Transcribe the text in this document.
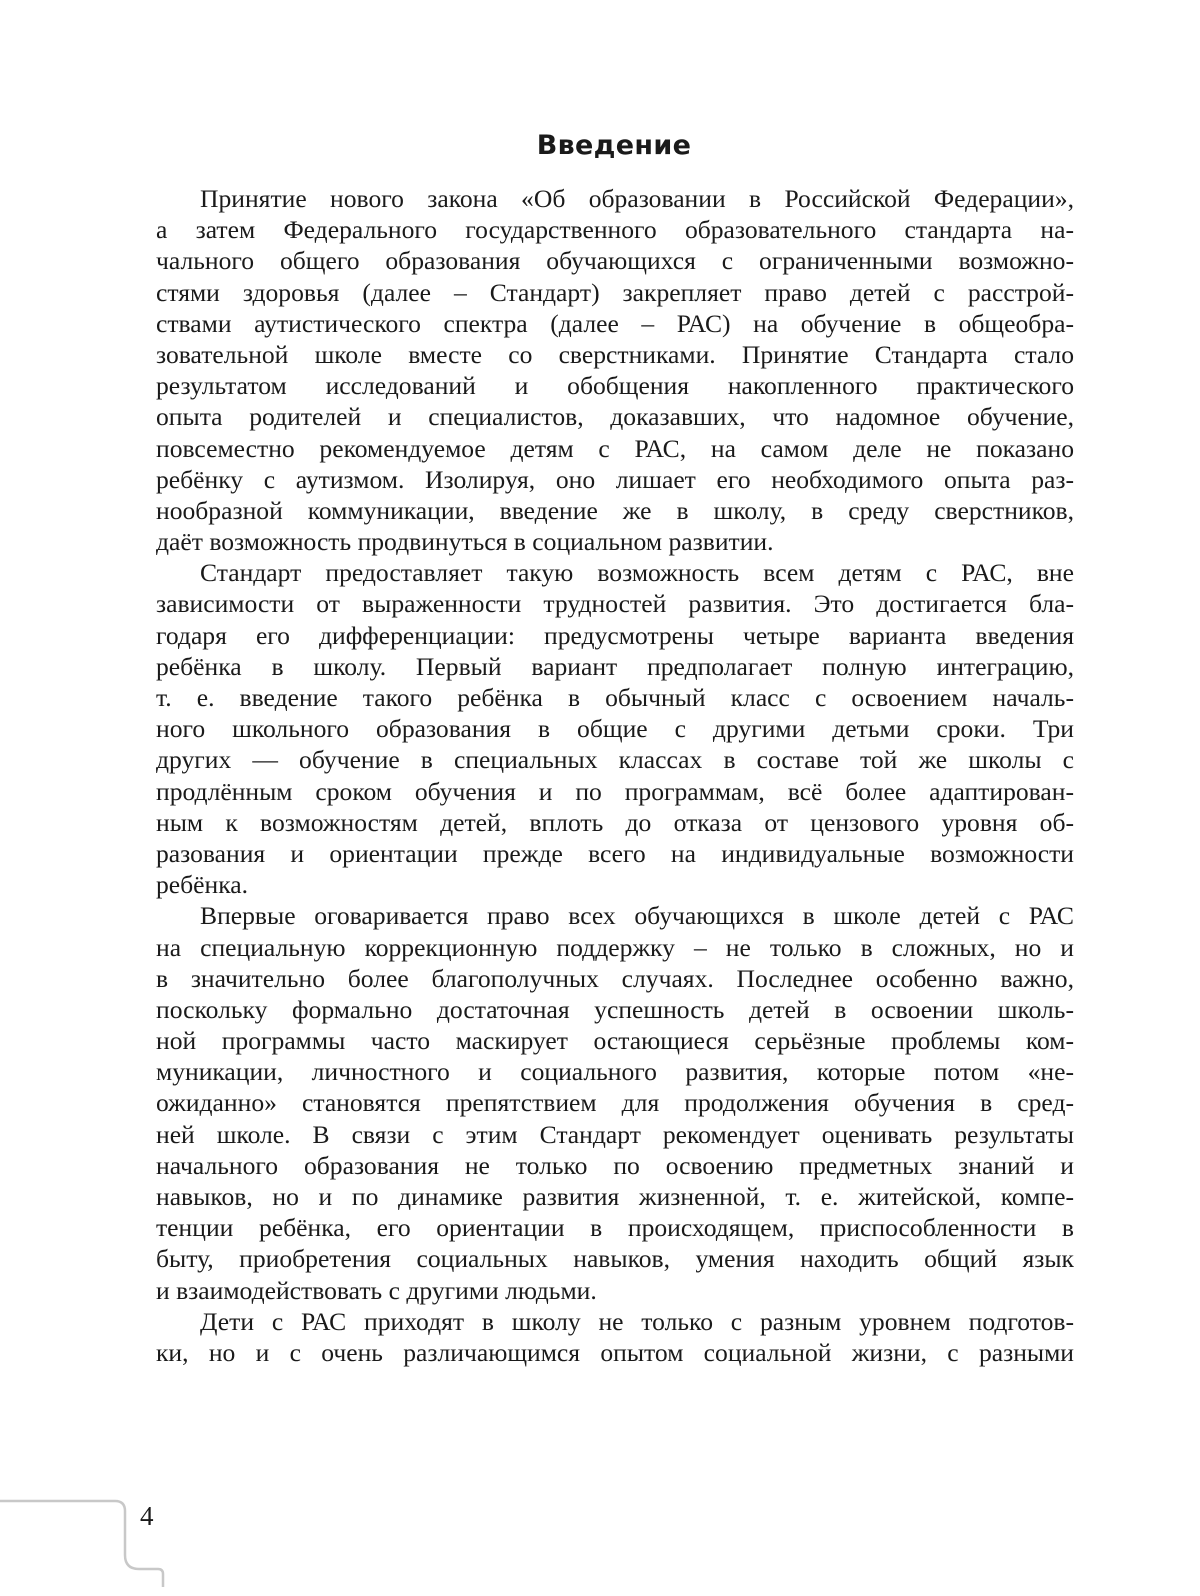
Введение
Принятие нового закона «Об образовании в Российской Федерации»,
а затем Федерального государственного образовательного стандарта на-
чального общего образования обучающихся с ограниченными возможно-
стями здоровья (далее – Стандарт) закрепляет право детей с расстрой-
ствами аутистического спектра (далее – РАС) на обучение в общеобра-
зовательной школе вместе со сверстниками. Принятие Стандарта стало
результатом исследований и обобщения накопленного практического
опыта родителей и специалистов, доказавших, что надомное обучение,
повсеместно рекомендуемое детям с РАС, на самом деле не показано
ребёнку с аутизмом. Изолируя, оно лишает его необходимого опыта раз-
нообразной коммуникации, введение же в школу, в среду сверстников,
даёт возможность продвинуться в социальном развитии.
Стандарт предоставляет такую возможность всем детям с РАС, вне
зависимости от выраженности трудностей развития. Это достигается бла-
годаря его дифференциации: предусмотрены четыре варианта введения
ребёнка в школу. Первый вариант предполагает полную интеграцию,
т. е. введение такого ребёнка в обычный класс с освоением началь-
ного школьного образования в общие с другими детьми сроки. Три
других — обучение в специальных классах в составе той же школы с
продлённым сроком обучения и по программам, всё более адаптирован-
ным к возможностям детей, вплоть до отказа от цензового уровня об-
разования и ориентации прежде всего на индивидуальные возможности
ребёнка.
Впервые оговаривается право всех обучающихся в школе детей с РАС
на специальную коррекционную поддержку – не только в сложных, но и
в значительно более благополучных случаях. Последнее особенно важно,
поскольку формально достаточная успешность детей в освоении школь-
ной программы часто маскирует остающиеся серьёзные проблемы ком-
муникации, личностного и социального развития, которые потом «не-
ожиданно» становятся препятствием для продолжения обучения в сред-
ней школе. В связи с этим Стандарт рекомендует оценивать результаты
начального образования не только по освоению предметных знаний и
навыков, но и по динамике развития жизненной, т. е. житейской, компе-
тенции ребёнка, его ориентации в происходящем, приспособленности в
быту, приобретения социальных навыков, умения находить общий язык
и взаимодействовать с другими людьми.
Дети с РАС приходят в школу не только с разным уровнем подготов-
ки, но и с очень различающимся опытом социальной жизни, с разными
4
